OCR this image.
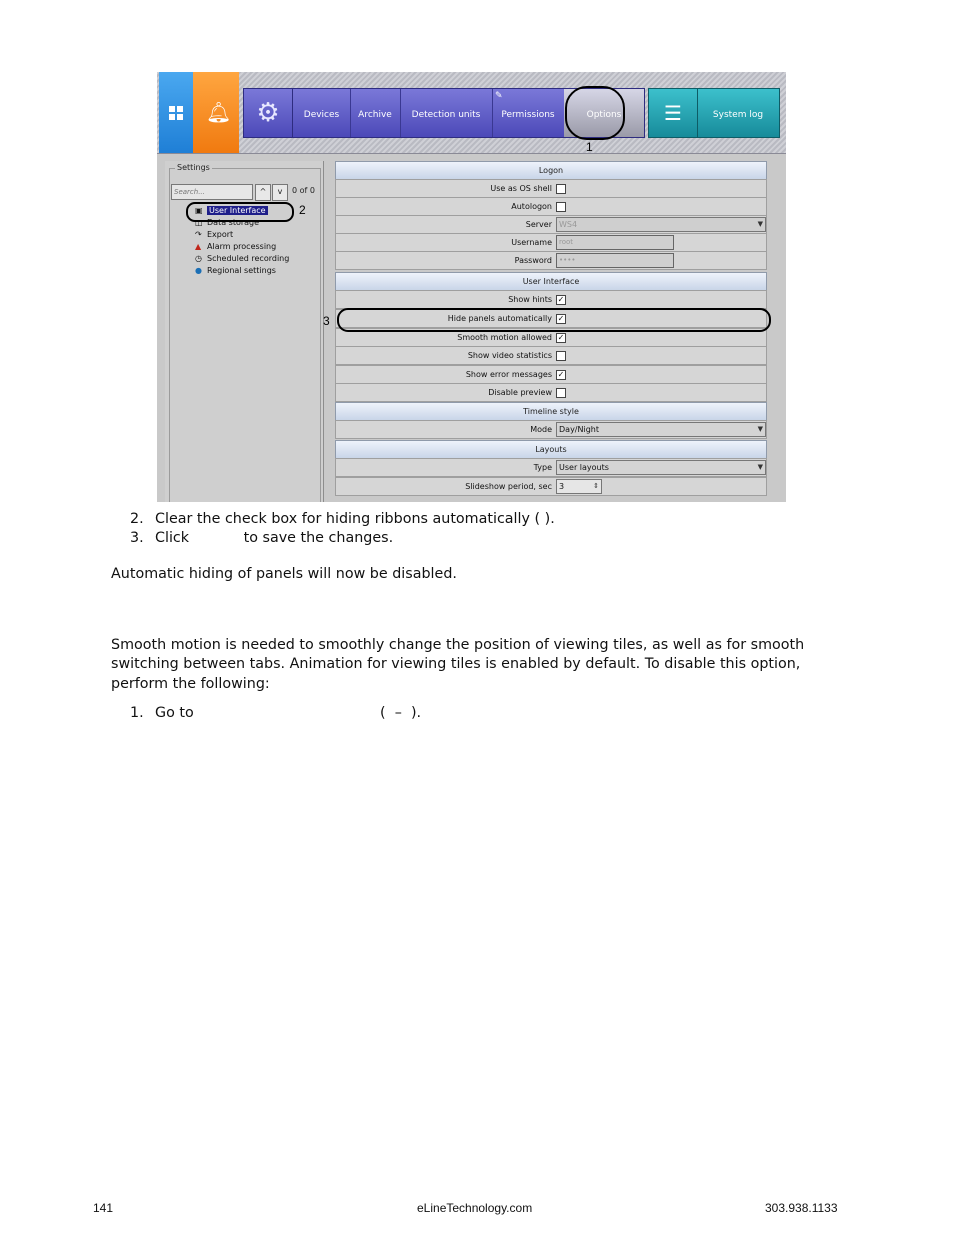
🔔︎ ⚙	Devices	Archive	Detection units	Permissions
✎
Options
1
☰	System log
Settings
Search...	^	v	0 of 0
▣ User Interface
◫ Data storage
↷ Export
▲ Alarm processing
◷ Scheduled recording
● Regional settings
2
Logon
Use as OS shell
Autologon
Server WS4	▼
Username	root
Password	••••
User Interface
Show hints ✓
Hide panels automatically ✓
Smooth motion allowed ✓
Show video statistics
Show error messages ✓
Disable preview
Timeline style
Mode Day/Night	▼
Layouts
Type User layouts	▼
Slideshow period, sec 3	⇕
3
2. Clear the check box for hiding ribbons automatically ( ).
3. Click            to save the changes.
Automatic hiding of panels will now be disabled.
Smooth motion is needed to smoothly change the position of viewing tiles, as well as for smooth
switching between tabs. Animation for viewing tiles is enabled by default. To disable this option,
perform the following:
1. Go to                                         (  –  ).
141	eLineTechnology.com	303.938.1133
